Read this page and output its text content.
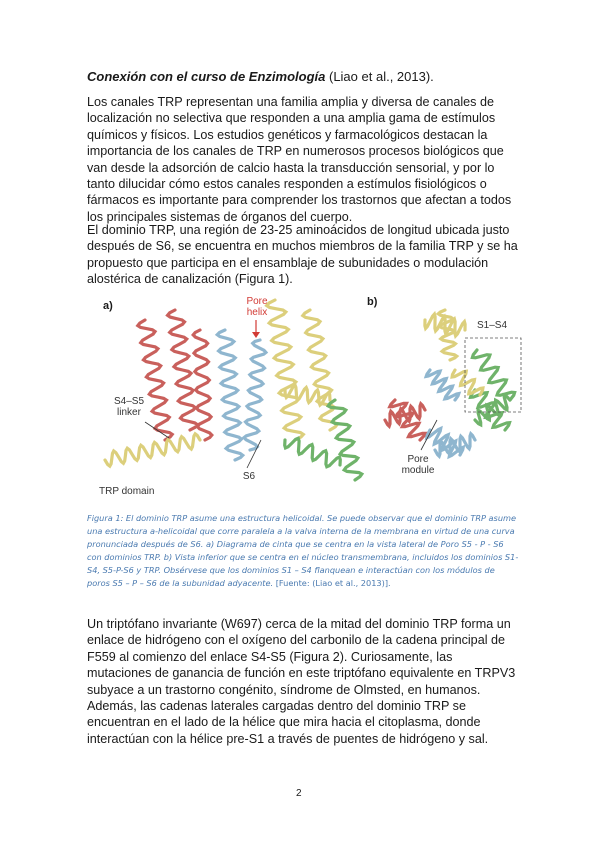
Conexión con el curso de Enzimología (Liao et al., 2013).

Los canales TRP representan una familia amplia y diversa de canales de localización no selectiva que responden a una amplia gama de estímulos químicos y físicos. Los estudios genéticos y farmacológicos destacan la importancia de los canales de TRP en numerosos procesos biológicos que van desde la adsorción de calcio hasta la transducción sensorial, y por lo tanto dilucidar cómo estos canales responden a estímulos fisiológicos o fármacos es importante para comprender los trastornos que afectan a todos los principales sistemas de órganos del cuerpo.

El dominio TRP, una región de 23-25 aminoácidos de longitud ubicada justo después de S6, se encuentra en muchos miembros de la familia TRP y se ha propuesto que participa en el ensamblaje de subunidades o modulación alostérica de canalización (Figura 1).

a)	Pore
helix
S4–S5
linker
S6
TRP domain
b)
S1–S4
Pore
module

Figura 1: El dominio TRP asume una estructura helicoidal. Se puede observar que el dominio TRP asume una estructura a-helicoidal que corre paralela a la valva interna de la membrana en virtud de una curva pronunciada después de S6. a) Diagrama de cinta que se centra en la vista lateral de Poro S5 - P - S6 con dominios TRP. b) Vista inferior que se centra en el núcleo transmembrana, incluidos los dominios S1-S4, S5-P-S6 y TRP. Obsérvese que los dominios S1 – S4 flanquean e interactúan con los módulos de poros S5 – P – S6 de la subunidad adyacente. [Fuente: (Liao et al., 2013)].

Un triptófano invariante (W697) cerca de la mitad del dominio TRP forma un enlace de hidrógeno con el oxígeno del carbonilo de la cadena principal de F559 al comienzo del enlace S4-S5 (Figura 2). Curiosamente, las mutaciones de ganancia de función en este triptófano equivalente en TRPV3 subyace a un trastorno congénito, síndrome de Olmsted, en humanos. Además, las cadenas laterales cargadas dentro del dominio TRP se encuentran en el lado de la hélice que mira hacia el citoplasma, donde interactúan con la hélice pre-S1 a través de puentes de hidrógeno y sal.

2
